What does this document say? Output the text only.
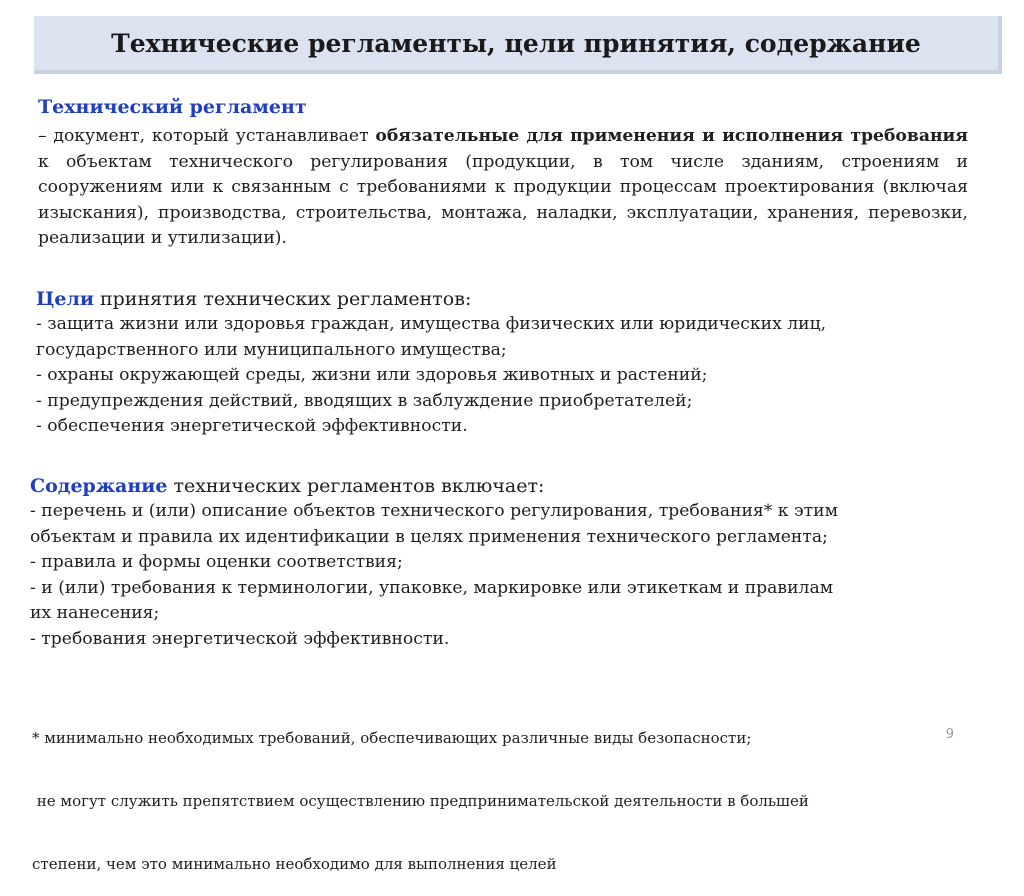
Технические регламенты, цели принятия, содержание
Технический регламент

– документ, который устанавливает обязательные для применения и исполнения требования к объектам технического регулирования (продукции, в том числе зданиям, строениям и сооружениям или к связанным с требованиями к продукции процессам проектирования (включая изыскания), производства, строительства, монтажа, наладки, эксплуатации, хранения, перевозки, реализации и утилизации).

Цели принятия технических регламентов:
- защита жизни или здоровья граждан, имущества физических или юридических лиц,
государственного или муниципального имущества;
- охраны окружающей среды, жизни или здоровья животных и растений;
- предупреждения действий, вводящих в заблуждение приобретателей;
- обеспечения энергетической эффективности.
Содержание технических регламентов включает:
- перечень и (или) описание объектов технического регулирования, требования* к этим
объектам и правила их идентификации в целях применения технического регламента;
- правила и формы оценки соответствия;
- и (или) требования к терминологии, упаковке, маркировке или этикеткам и правилам
их нанесения;
- требования энергетической эффективности.

* минимально необходимых требований, обеспечивающих различные виды безопасности;

не могут служить препятствием осуществлению предпринимательской деятельности в большей

степени, чем это минимально необходимо для выполнения целей

9
